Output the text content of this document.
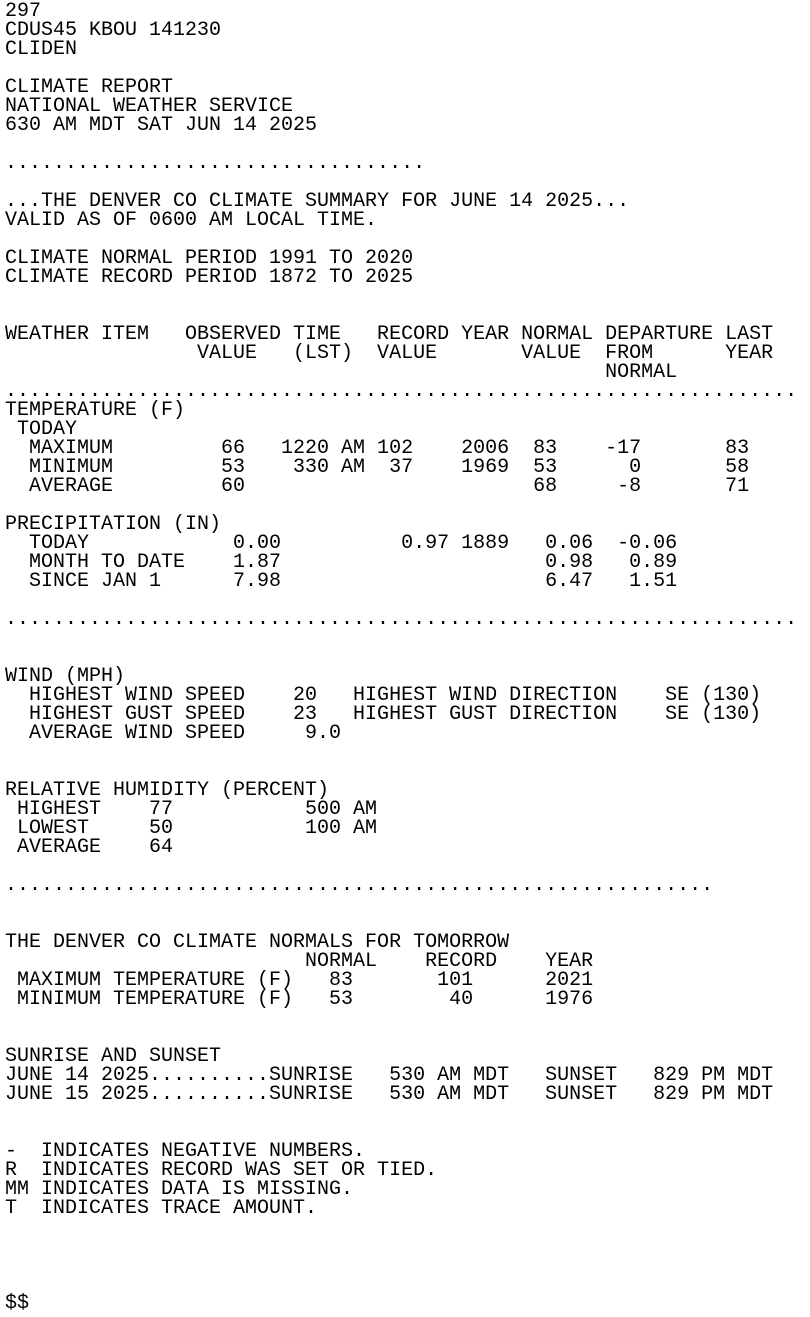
297
CDUS45 KBOU 141230
CLIDEN

CLIMATE REPORT
NATIONAL WEATHER SERVICE
630 AM MDT SAT JUN 14 2025

...................................

...THE DENVER CO CLIMATE SUMMARY FOR JUNE 14 2025...
VALID AS OF 0600 AM LOCAL TIME.

CLIMATE NORMAL PERIOD 1991 TO 2020
CLIMATE RECORD PERIOD 1872 TO 2025

WEATHER ITEM   OBSERVED TIME   RECORD YEAR NORMAL DEPARTURE LAST
VALUE   (LST)  VALUE       VALUE  FROM      YEAR
NORMAL
..................................................................
TEMPERATURE (F)
TODAY
MAXIMUM         66   1220 AM 102    2006  83    -17       83
MINIMUM         53    330 AM  37    1969  53      0       58
AVERAGE         60                        68     -8       71

PRECIPITATION (IN)
TODAY            0.00          0.97 1889   0.06  -0.06
MONTH TO DATE    1.87                      0.98   0.89
SINCE JAN 1      7.98                      6.47   1.51

..................................................................

WIND (MPH)
HIGHEST WIND SPEED    20   HIGHEST WIND DIRECTION    SE (130)
HIGHEST GUST SPEED    23   HIGHEST GUST DIRECTION    SE (130)
AVERAGE WIND SPEED     9.0

RELATIVE HUMIDITY (PERCENT)
HIGHEST    77           500 AM
LOWEST     50           100 AM
AVERAGE    64

...........................................................

THE DENVER CO CLIMATE NORMALS FOR TOMORROW
NORMAL    RECORD    YEAR
MAXIMUM TEMPERATURE (F)   83       101      2021
MINIMUM TEMPERATURE (F)   53        40      1976

SUNRISE AND SUNSET
JUNE 14 2025..........SUNRISE   530 AM MDT   SUNSET   829 PM MDT
JUNE 15 2025..........SUNRISE   530 AM MDT   SUNSET   829 PM MDT

-  INDICATES NEGATIVE NUMBERS.
R  INDICATES RECORD WAS SET OR TIED.
MM INDICATES DATA IS MISSING.
T  INDICATES TRACE AMOUNT.

$$
